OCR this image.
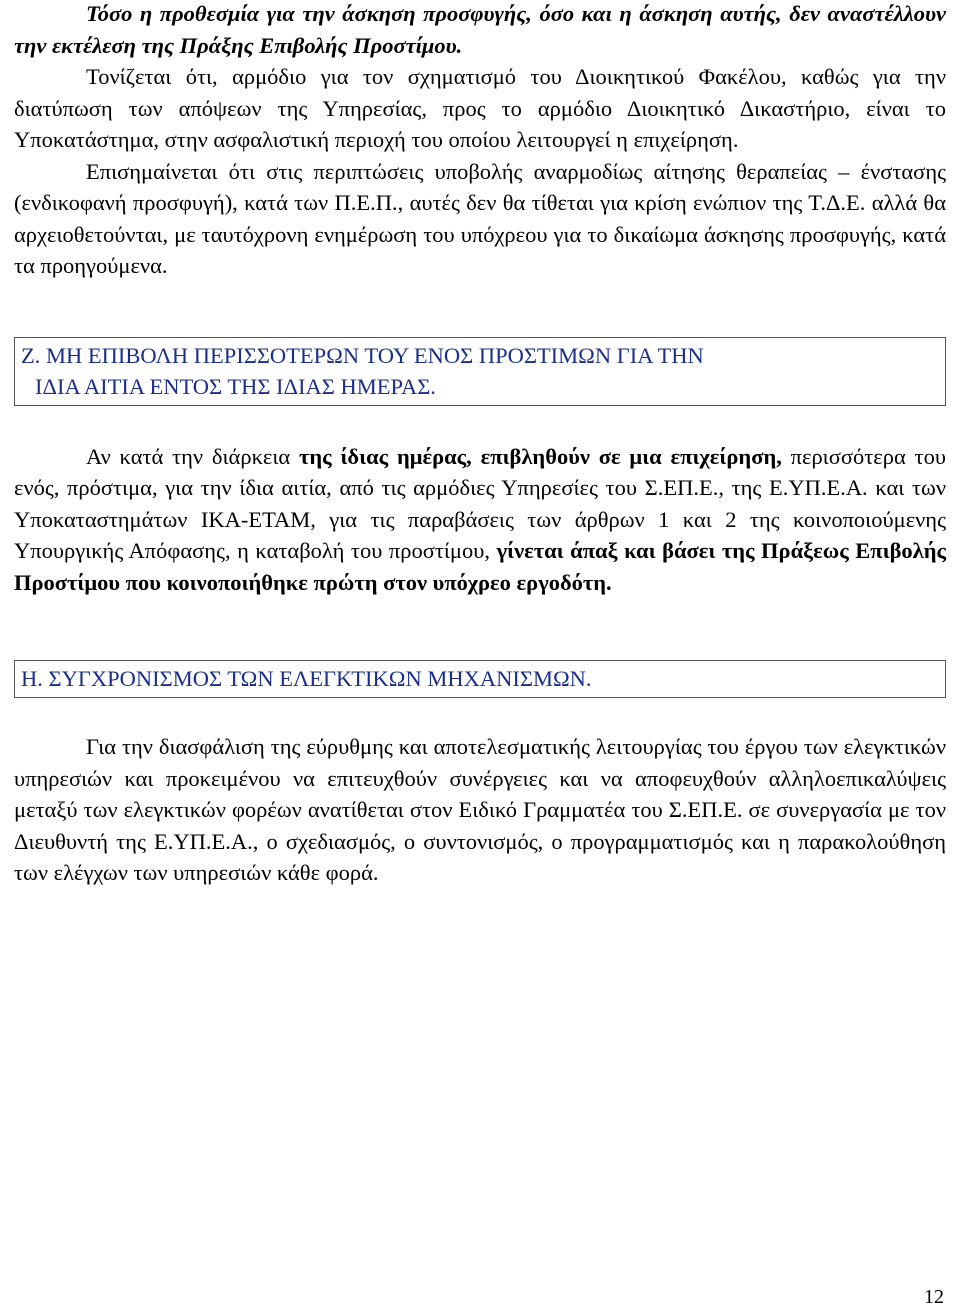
Τόσο η προθεσμία για την άσκηση προσφυγής, όσο και η άσκηση αυτής, δεν αναστέλλουν την εκτέλεση της Πράξης Επιβολής Προστίμου.

Τονίζεται ότι, αρμόδιο για τον σχηματισμό του Διοικητικού Φακέλου, καθώς για την διατύπωση των απόψεων της Υπηρεσίας, προς το αρμόδιο Διοικητικό Δικαστήριο, είναι το Υποκατάστημα, στην ασφαλιστική περιοχή του οποίου λειτουργεί η επιχείρηση.

Επισημαίνεται ότι στις περιπτώσεις υποβολής αναρμοδίως αίτησης θεραπείας – ένστασης (ενδικοφανή προσφυγή), κατά των Π.Ε.Π., αυτές δεν θα τίθεται για κρίση ενώπιον της Τ.Δ.Ε. αλλά θα αρχειοθετούνται, με ταυτόχρονη ενημέρωση του υπόχρεου για το δικαίωμα άσκησης προσφυγής, κατά τα προηγούμενα.

Ζ. ΜΗ ΕΠΙΒΟΛΗ ΠΕΡΙΣΣΟΤΕΡΩΝ ΤΟΥ ΕΝΟΣ ΠΡΟΣΤΙΜΩΝ ΓΙΑ ΤΗΝ
ΙΔΙΑ ΑΙΤΙΑ ΕΝΤΟΣ ΤΗΣ ΙΔΙΑΣ ΗΜΕΡΑΣ.

Αν κατά την διάρκεια της ίδιας ημέρας, επιβληθούν σε μια επιχείρηση, περισσότερα του ενός, πρόστιμα, για την ίδια αιτία, από τις αρμόδιες Υπηρεσίες του Σ.ΕΠ.Ε., της Ε.ΥΠ.Ε.Α. και των Υποκαταστημάτων ΙΚΑ-ΕΤΑΜ, για τις παραβάσεις των άρθρων 1 και 2 της κοινοποιούμενης Υπουργικής Απόφασης, η καταβολή του προστίμου, γίνεται άπαξ και βάσει της Πράξεως Επιβολής Προστίμου που κοινοποιήθηκε πρώτη στον υπόχρεο εργοδότη.

Η. ΣΥΓΧΡΟΝΙΣΜΟΣ ΤΩΝ ΕΛΕΓΚΤΙΚΩΝ ΜΗΧΑΝΙΣΜΩΝ.

Για την διασφάλιση της εύρυθμης και αποτελεσματικής λειτουργίας του έργου των ελεγκτικών υπηρεσιών και προκειμένου να επιτευχθούν συνέργειες και να αποφευχθούν αλληλοεπικαλύψεις μεταξύ των ελεγκτικών φορέων ανατίθεται στον Ειδικό Γραμματέα του Σ.ΕΠ.Ε. σε συνεργασία με τον Διευθυντή της Ε.ΥΠ.Ε.Α., ο σχεδιασμός, ο συντονισμός, ο προγραμματισμός και η παρακολούθηση των ελέγχων των υπηρεσιών κάθε φορά.

12
